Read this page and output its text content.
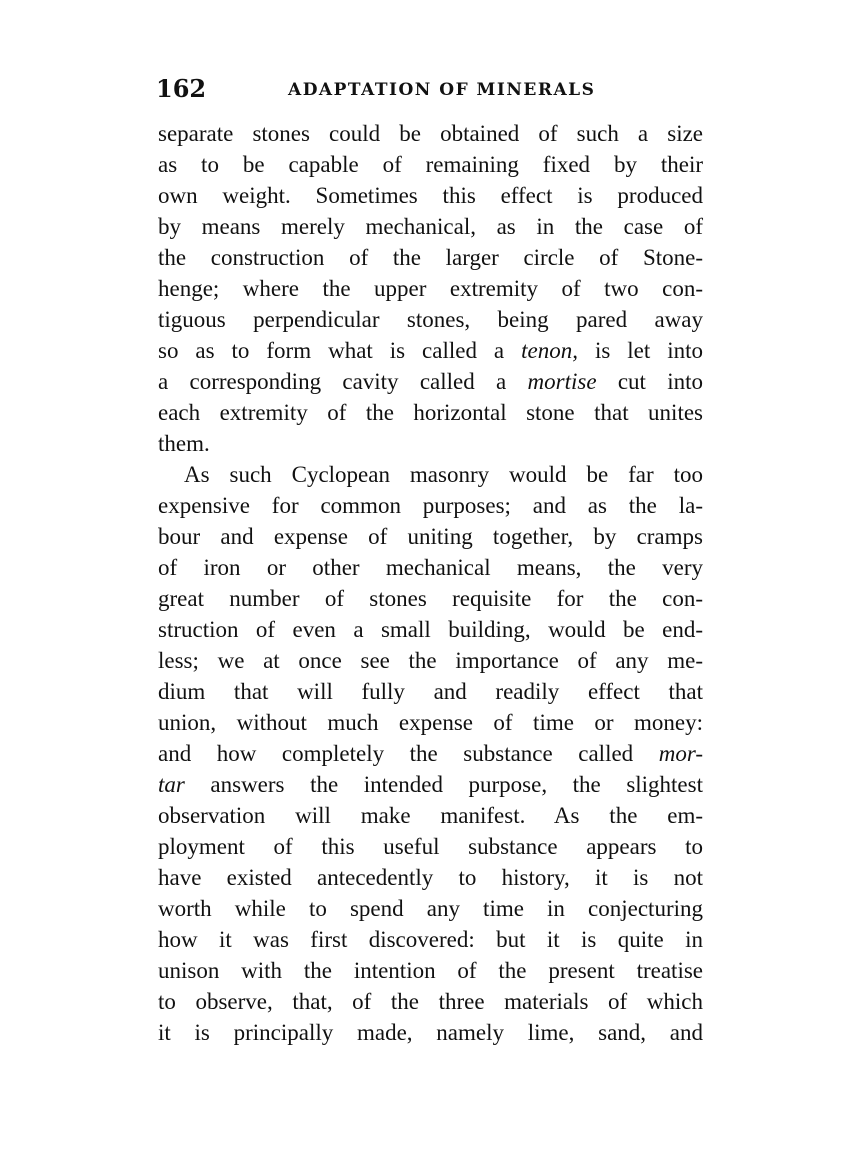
162	ADAPTATION OF MINERALS
separate stones could be obtained of such a size
as to be capable of remaining fixed by their
own weight. Sometimes this effect is produced
by means merely mechanical, as in the case of
the construction of the larger circle of Stone-
henge; where the upper extremity of two con-
tiguous perpendicular stones, being pared away
so as to form what is called a tenon, is let into
a corresponding cavity called a mortise cut into
each extremity of the horizontal stone that unites
them.
As such Cyclopean masonry would be far too
expensive for common purposes; and as the la-
bour and expense of uniting together, by cramps
of iron or other mechanical means, the very
great number of stones requisite for the con-
struction of even a small building, would be end-
less; we at once see the importance of any me-
dium that will fully and readily effect that
union, without much expense of time or money:
and how completely the substance called mor-
tar answers the intended purpose, the slightest
observation will make manifest. As the em-
ployment of this useful substance appears to
have existed antecedently to history, it is not
worth while to spend any time in conjecturing
how it was first discovered: but it is quite in
unison with the intention of the present treatise
to observe, that, of the three materials of which
it is principally made, namely lime, sand, and
